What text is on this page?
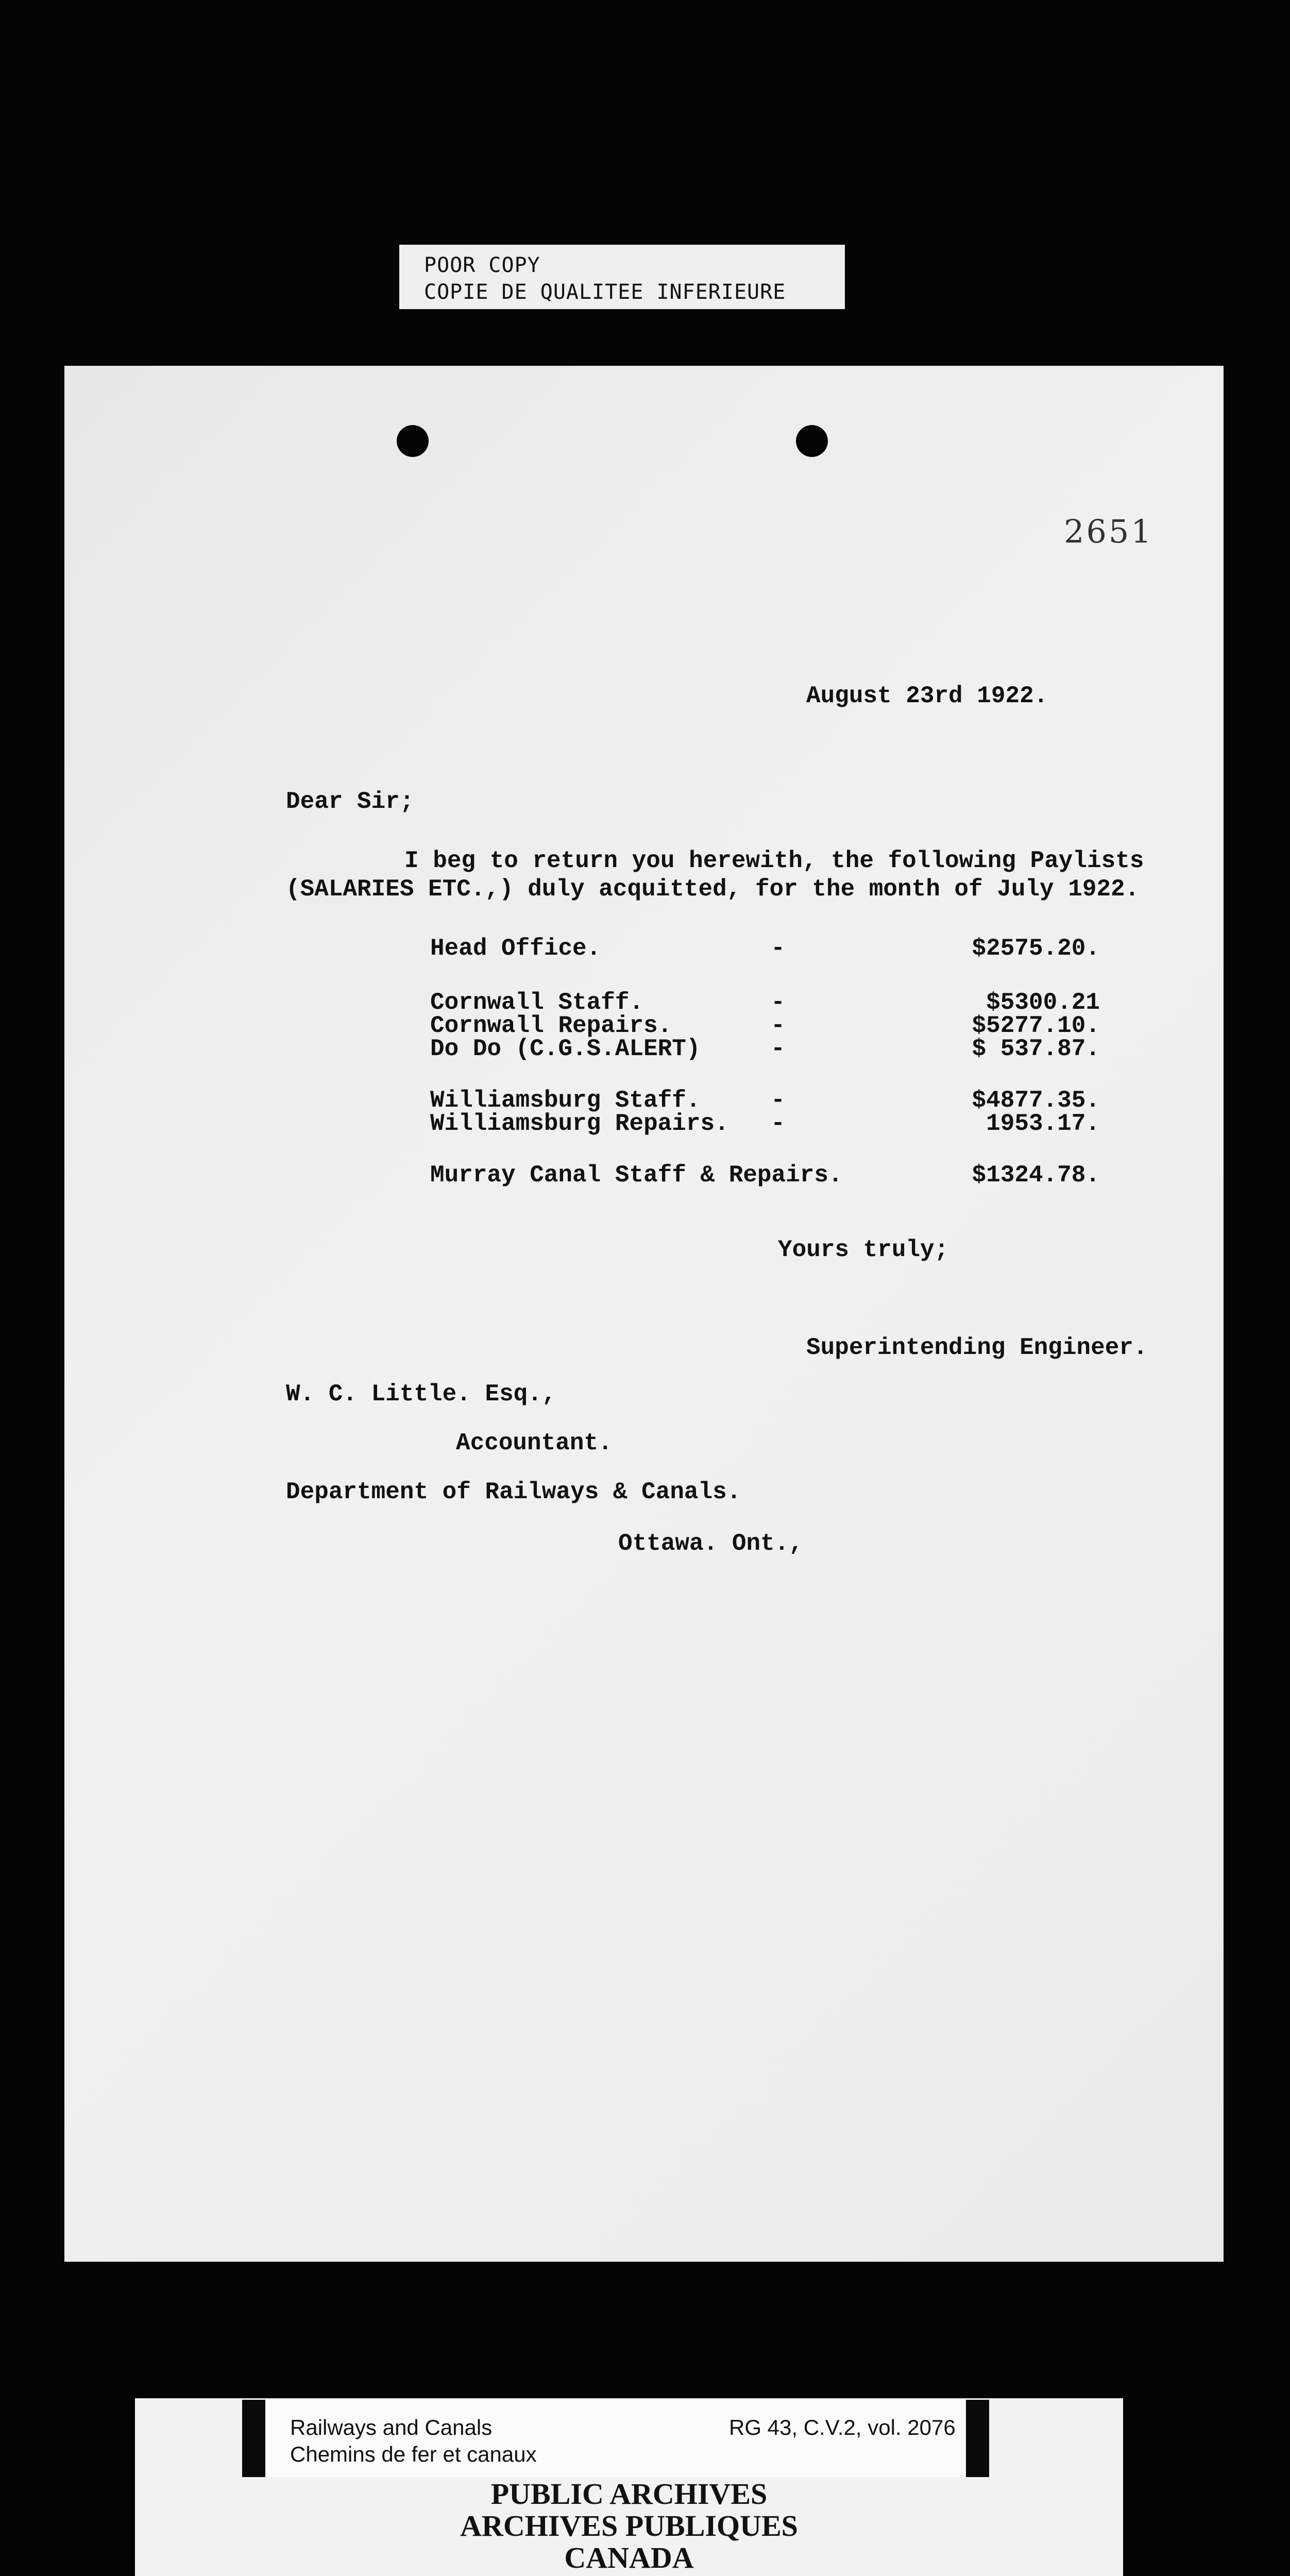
POOR COPY
COPIE DE QUALITEE INFERIEURE
2651
August 23rd 1922.
Dear Sir;
I beg to return you herewith, the following Paylists
(SALARIES ETC.,) duly acquitted, for the month of July 1922.
Head Office.	-	$2575.20.
Cornwall Staff.	-	$5300.21
Cornwall Repairs.	-	$5277.10.
Do Do (C.G.S.ALERT)	-	$ 537.87.
Williamsburg Staff.	-	$4877.35.
Williamsburg Repairs. -	1953.17.
Murray Canal Staff & Repairs.	$1324.78.
Yours truly;
Superintending Engineer.
W. C. Little. Esq.,
Accountant.
Department of Railways & Canals.
Ottawa. Ont.,
Railways and Canals
Chemins de fer et canaux
RG 43, C.V.2, vol. 2076
PUBLIC ARCHIVES
ARCHIVES PUBLIQUES
CANADA
